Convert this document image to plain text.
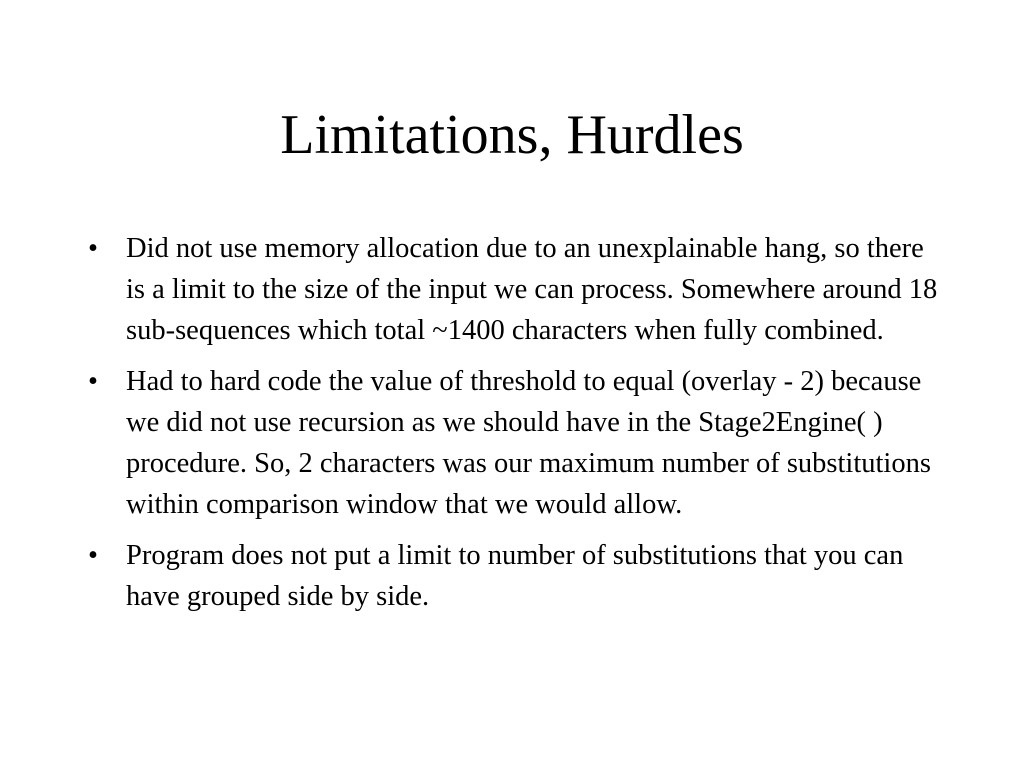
Limitations, Hurdles
• Did not use memory allocation due to an unexplainable hang, so there is a limit to the size of the input we can process. Somewhere around 18 sub-sequences which total ~1400 characters when fully combined.
• Had to hard code the value of threshold to equal (overlay - 2) because we did not use recursion as we should have in the Stage2Engine( ) procedure. So, 2 characters was our maximum number of substitutions within comparison window that we would allow.
• Program does not put a limit to number of substitutions that you can have grouped side by side.
